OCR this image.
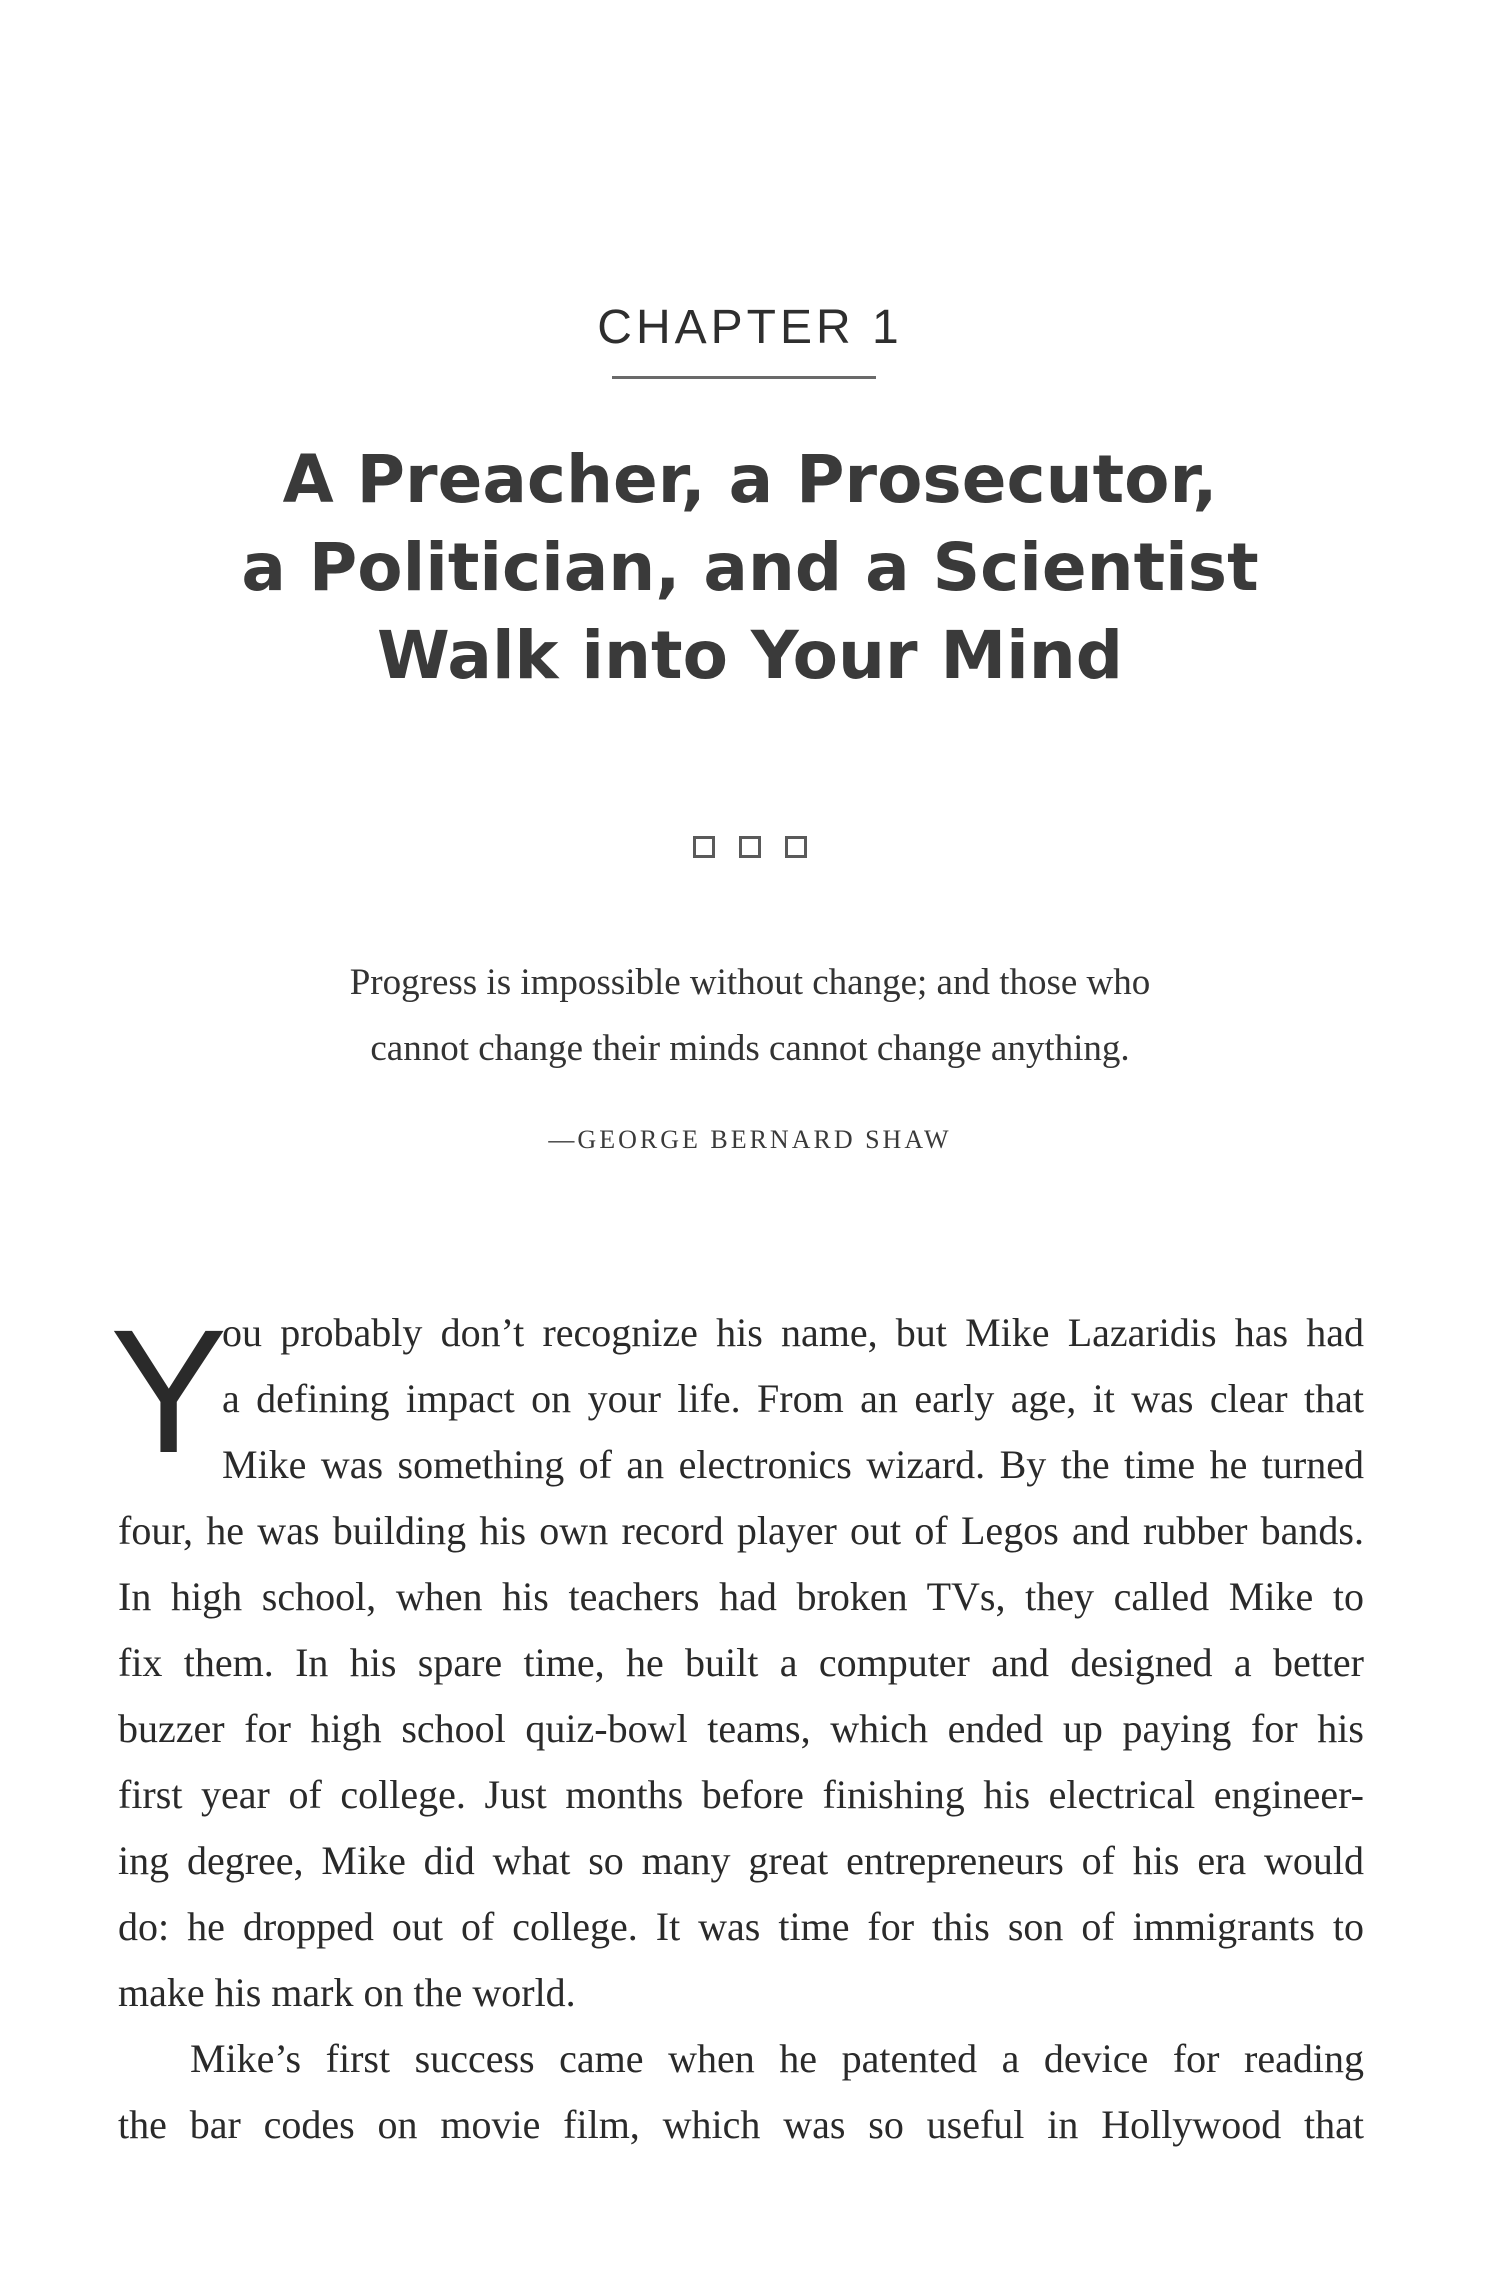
CHAPTER 1
A Preacher, a Prosecutor,
a Politician, and a Scientist
Walk into Your Mind
Progress is impossible without change; and those who
cannot change their minds cannot change anything.
—GEORGE BERNARD SHAW
Y
ou probably don’t recognize his name, but Mike Lazaridis has had
a defining impact on your life. From an early age, it was clear that
Mike was something of an electronics wizard. By the time he turned
four, he was building his own record player out of Legos and rubber bands.
In high school, when his teachers had broken TVs, they called Mike to
fix them. In his spare time, he built a computer and designed a better
buzzer for high school quiz-bowl teams, which ended up paying for his
first year of college. Just months before finishing his electrical engineer-
ing degree, Mike did what so many great entrepreneurs of his era would
do: he dropped out of college. It was time for this son of immigrants to
make his mark on the world.
Mike’s first success came when he patented a device for reading
the bar codes on movie film, which was so useful in Hollywood that
